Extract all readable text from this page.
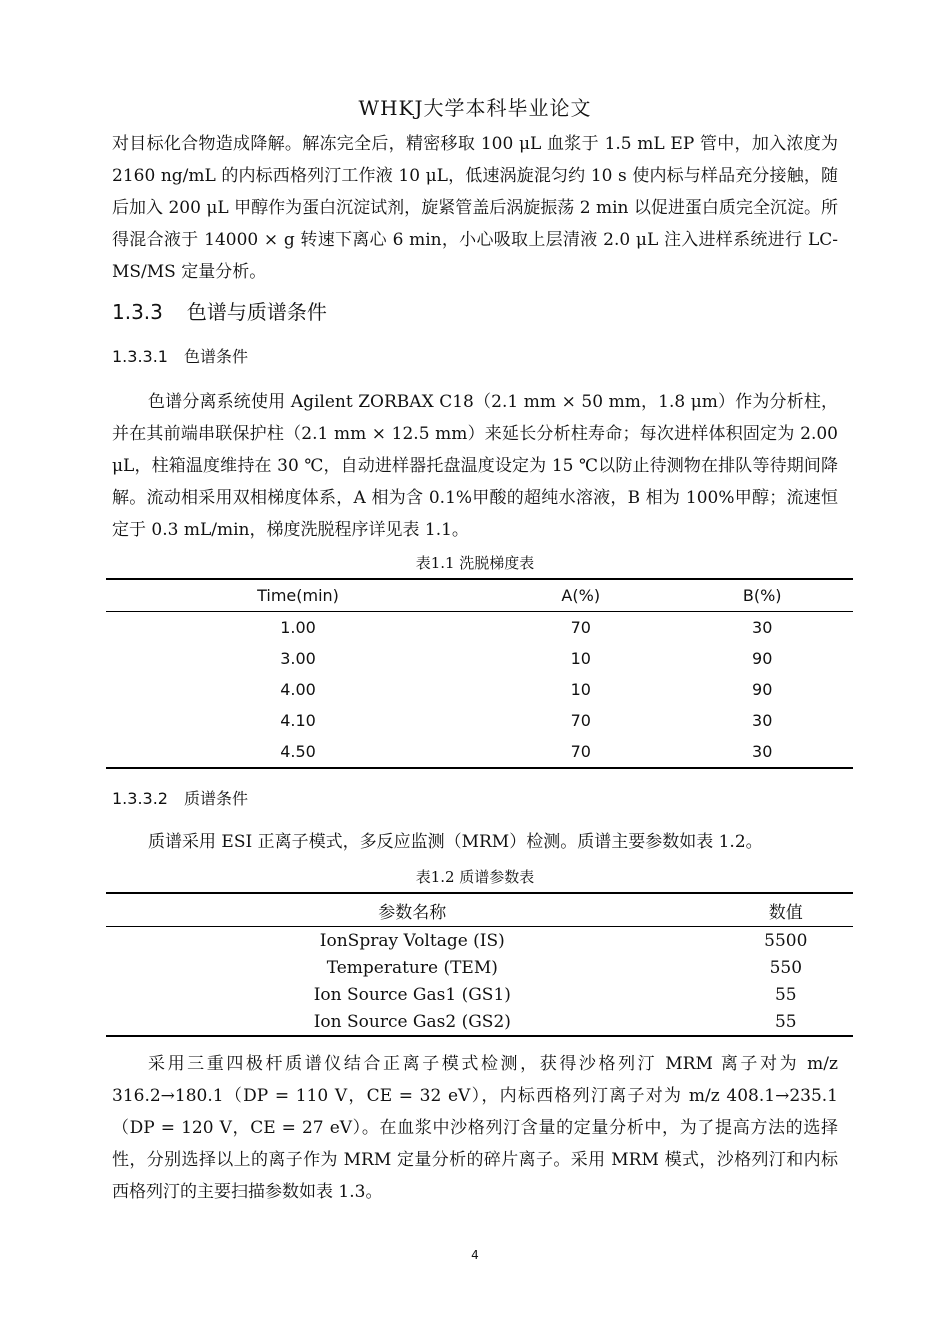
WHKJ大学本科毕业论文
对目标化合物造成降解。解冻完全后，精密移取 100 μL 血浆于 1.5 mL EP 管中，加入浓度为 2160 ng/mL 的内标西格列汀工作液 10 μL，低速涡旋混匀约 10 s 使内标与样品充分接触，随后加入 200 μL 甲醇作为蛋白沉淀试剂，旋紧管盖后涡旋振荡 2 min 以促进蛋白质完全沉淀。所得混合液于 14000 × g 转速下离心 6 min，小心吸取上层清液 2.0 μL 注入进样系统进行 LC-MS/MS 定量分析。
1.3.3 色谱与质谱条件
1.3.3.1 色谱条件
色谱分离系统使用 Agilent ZORBAX C18（2.1 mm × 50 mm，1.8 μm）作为分析柱，并在其前端串联保护柱（2.1 mm × 12.5 mm）来延长分析柱寿命；每次进样体积固定为 2.00 μL，柱箱温度维持在 30 ℃，自动进样器托盘温度设定为 15 ℃以防止待测物在排队等待期间降解。流动相采用双相梯度体系，A 相为含 0.1%甲酸的超纯水溶液，B 相为 100%甲醇；流速恒定于 0.3 mL/min，梯度洗脱程序详见表 1.1。
表1.1 洗脱梯度表
Time(min)	A(%)	B(%)
1.00	70	30
3.00	10	90
4.00	10	90
4.10	70	30
4.50	70	30
1.3.3.2 质谱条件
质谱采用 ESI 正离子模式，多反应监测（MRM）检测。质谱主要参数如表 1.2。
表1.2 质谱参数表
参数名称	数值
IonSpray Voltage (IS)	5500
Temperature (TEM)	550
Ion Source Gas1 (GS1)	55
Ion Source Gas2 (GS2)	55
采用三重四极杆质谱仪结合正离子模式检测，获得沙格列汀 MRM 离子对为 m/z 316.2→180.1（DP = 110 V，CE = 32 eV），内标西格列汀离子对为 m/z 408.1→235.1（DP = 120 V，CE = 27 eV）。在血浆中沙格列汀含量的定量分析中，为了提高方法的选择性，分别选择以上的离子作为 MRM 定量分析的碎片离子。采用 MRM 模式，沙格列汀和内标西格列汀的主要扫描参数如表 1.3。
4
